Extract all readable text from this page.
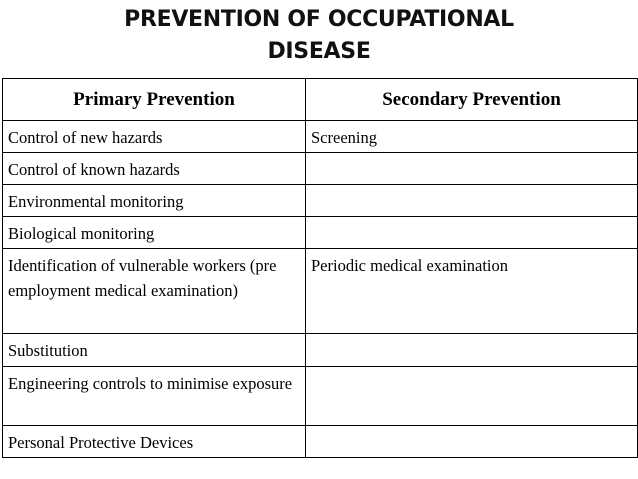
PREVENTION OF OCCUPATIONAL
DISEASE
Primary Prevention	Secondary Prevention
Control of new hazards	Screening
Control of known hazards	
Environmental monitoring	
Biological monitoring	
Identification of vulnerable workers (pre employment medical examination)	Periodic medical examination
Substitution	
Engineering controls to minimise exposure	
Personal Protective Devices	
